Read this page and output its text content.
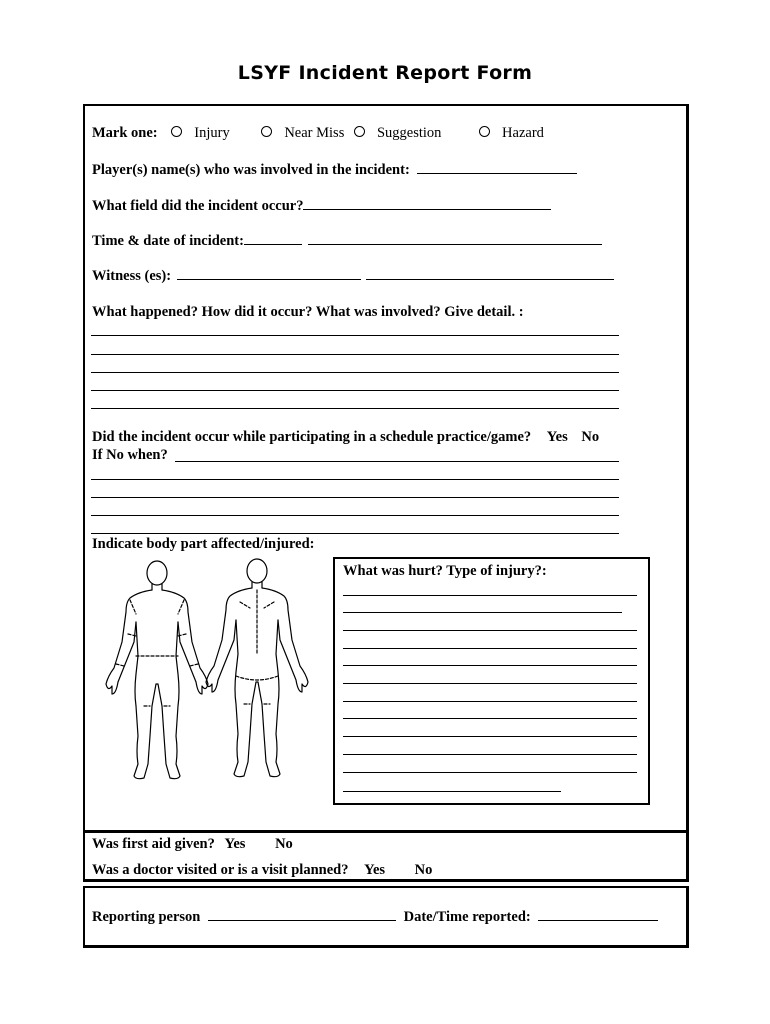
LSYF Incident Report Form
Mark one:	Injury	Near Miss Suggestion	Hazard
Player(s) name(s) who was involved in the incident:
What field did the incident occur?
Time & date of incident:
Witness (es):
What happened? How did it occur? What was involved? Give detail. :
Did the incident occur while participating in a schedule practice/game? Yes No
If No when?
Indicate body part affected/injured:
What was hurt? Type of injury?:
Was first aid given? Yes No
Was a doctor visited or is a visit planned? Yes No
Reporting person	Date/Time reported:
